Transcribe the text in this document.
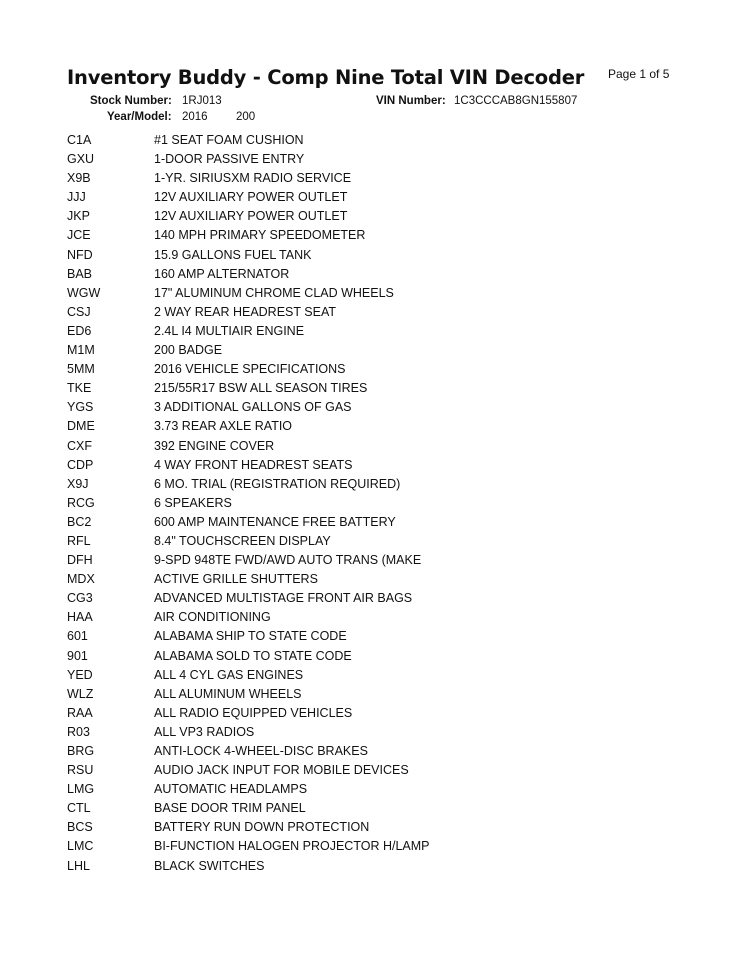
Inventory Buddy - Comp Nine Total VIN Decoder Page 1 of 5
Stock Number: 1RJ013	VIN Number: 1C3CCCAB8GN155807
Year/Model: 2016 200
C1A	#1 SEAT FOAM CUSHION
GXU	1-DOOR PASSIVE ENTRY
X9B	1-YR. SIRIUSXM RADIO SERVICE
JJJ	12V AUXILIARY POWER OUTLET
JKP	12V AUXILIARY POWER OUTLET
JCE	140 MPH PRIMARY SPEEDOMETER
NFD	15.9 GALLONS FUEL TANK
BAB	160 AMP ALTERNATOR
WGW	17" ALUMINUM CHROME CLAD WHEELS
CSJ	2 WAY REAR HEADREST SEAT
ED6	2.4L I4 MULTIAIR ENGINE
M1M	200 BADGE
5MM	2016 VEHICLE SPECIFICATIONS
TKE	215/55R17 BSW ALL SEASON TIRES
YGS	3 ADDITIONAL GALLONS OF GAS
DME	3.73 REAR AXLE RATIO
CXF	392 ENGINE COVER
CDP	4 WAY FRONT HEADREST SEATS
X9J	6 MO. TRIAL (REGISTRATION REQUIRED)
RCG	6 SPEAKERS
BC2	600 AMP MAINTENANCE FREE BATTERY
RFL	8.4" TOUCHSCREEN DISPLAY
DFH	9-SPD 948TE FWD/AWD AUTO TRANS (MAKE
MDX	ACTIVE GRILLE SHUTTERS
CG3	ADVANCED MULTISTAGE FRONT AIR BAGS
HAA	AIR CONDITIONING
601	ALABAMA SHIP TO STATE CODE
901	ALABAMA SOLD TO STATE CODE
YED	ALL 4 CYL GAS ENGINES
WLZ	ALL ALUMINUM WHEELS
RAA	ALL RADIO EQUIPPED VEHICLES
R03	ALL VP3 RADIOS
BRG	ANTI-LOCK 4-WHEEL-DISC BRAKES
RSU	AUDIO JACK INPUT FOR MOBILE DEVICES
LMG	AUTOMATIC HEADLAMPS
CTL	BASE DOOR TRIM PANEL
BCS	BATTERY RUN DOWN PROTECTION
LMC	BI-FUNCTION HALOGEN PROJECTOR H/LAMP
LHL	BLACK SWITCHES
